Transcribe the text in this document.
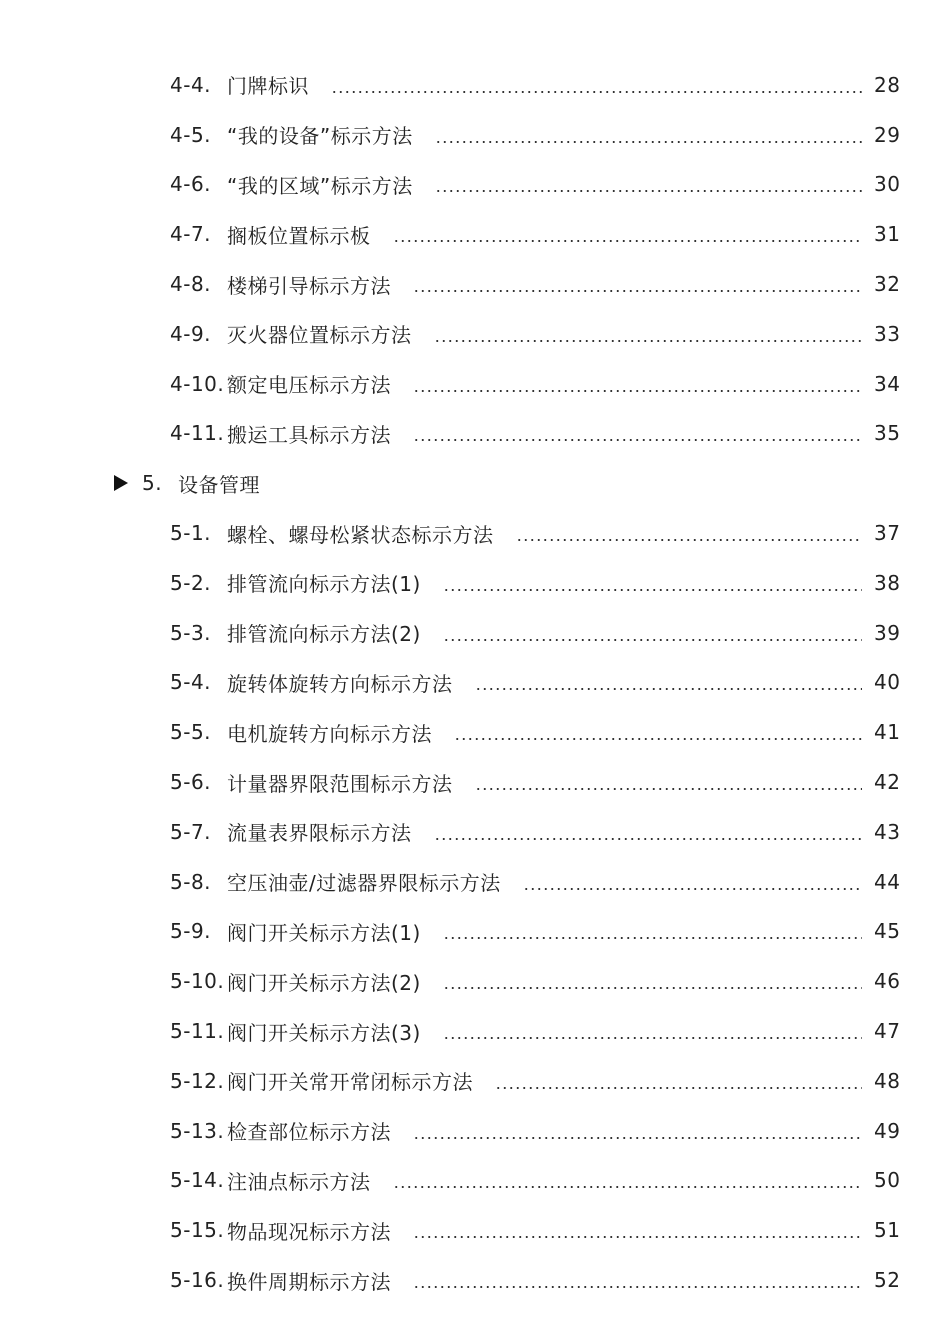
4-4. 门牌标识	28
4-5. “我的设备”标示方法	29
4-6. “我的区域”标示方法	30
4-7. 搁板位置标示板	31
4-8. 楼梯引导标示方法	32
4-9. 灭火器位置标示方法	33
4-10. 额定电压标示方法	34
4-11. 搬运工具标示方法	35
5. 设备管理
5-1. 螺栓、螺母松紧状态标示方法	37
5-2. 排管流向标示方法(1)	38
5-3. 排管流向标示方法(2)	39
5-4. 旋转体旋转方向标示方法	40
5-5. 电机旋转方向标示方法	41
5-6. 计量器界限范围标示方法	42
5-7. 流量表界限标示方法	43
5-8. 空压油壶/过滤器界限标示方法	44
5-9. 阀门开关标示方法(1)	45
5-10. 阀门开关标示方法(2)	46
5-11. 阀门开关标示方法(3)	47
5-12. 阀门开关常开常闭标示方法	48
5-13. 检查部位标示方法	49
5-14. 注油点标示方法	50
5-15. 物品现况标示方法	51
5-16. 换件周期标示方法	52
